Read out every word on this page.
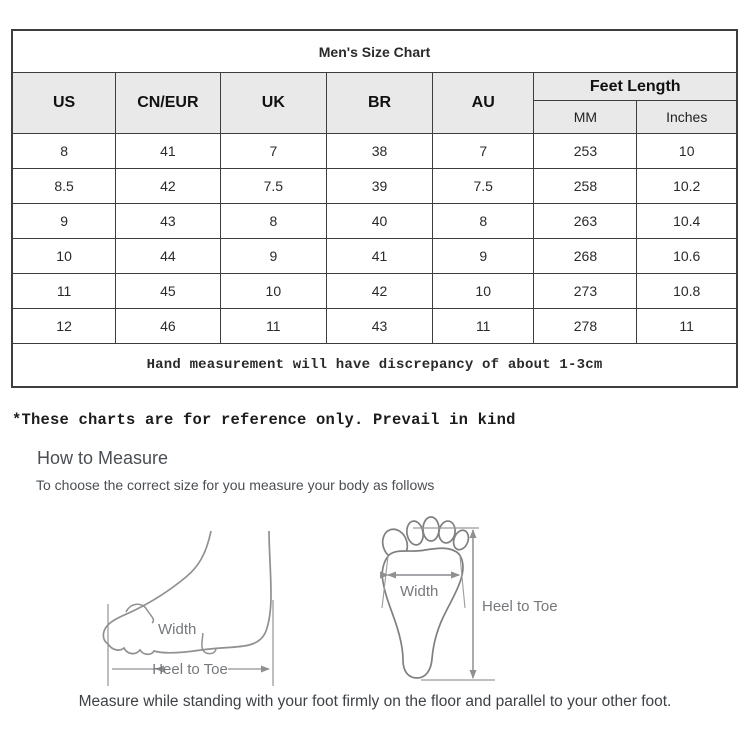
Men's Size Chart						
US	CN/EUR	UK	BR	AU	Feet Length	
					MM	Inches
8	41	7	38	7	253	10
8.5	42	7.5	39	7.5	258	10.2
9	43	8	40	8	263	10.4
10	44	9	41	9	268	10.6
11	45	10	42	10	273	10.8
12	46	11	43	11	278	11
Hand measurement will have discrepancy of about 1-3cm						
*These charts are for reference only. Prevail in kind
How to Measure
To choose the correct size for you measure your body as follows
Heel to Toe
Width
Width
Heel to Toe
Measure while standing with your foot firmly on the floor and parallel to your other foot.
